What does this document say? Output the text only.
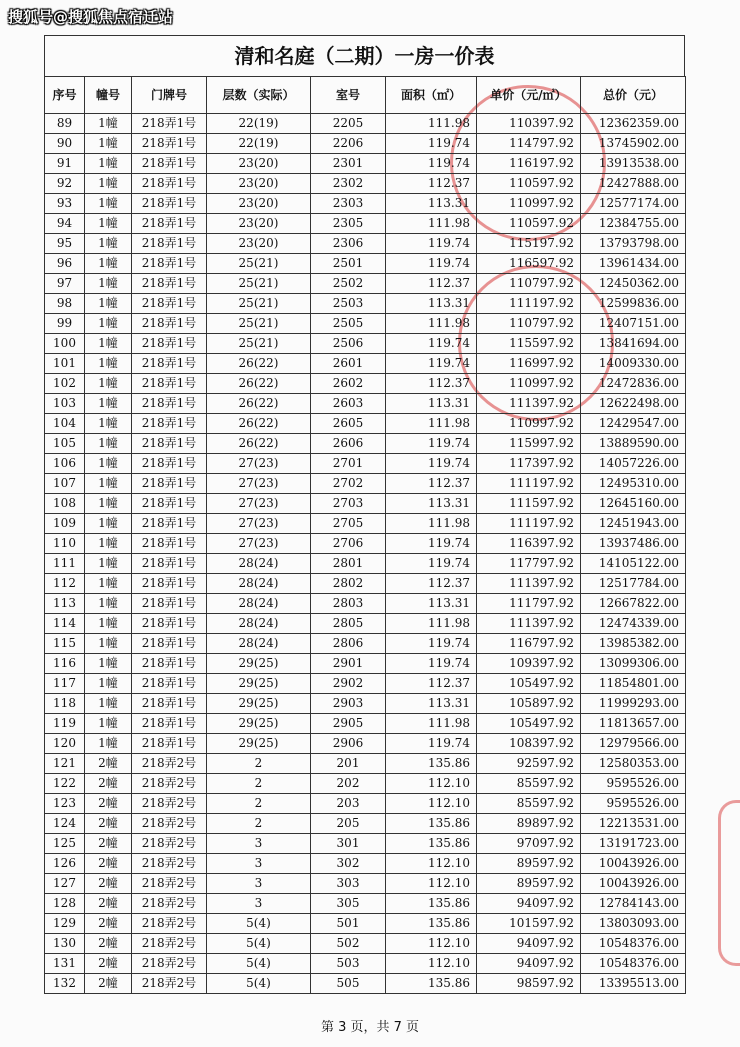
搜狐号@搜狐焦点宿迁站
清和名庭（二期）一房一价表
序号	幢号	门牌号	层数（实际）	室号	面积（㎡）	单价（元/㎡）	总价（元）
89	1幢	218弄1号	22(19)	2205	111.98	110397.92	12362359.00
90	1幢	218弄1号	22(19)	2206	119.74	114797.92	13745902.00
91	1幢	218弄1号	23(20)	2301	119.74	116197.92	13913538.00
92	1幢	218弄1号	23(20)	2302	112.37	110597.92	12427888.00
93	1幢	218弄1号	23(20)	2303	113.31	110997.92	12577174.00
94	1幢	218弄1号	23(20)	2305	111.98	110597.92	12384755.00
95	1幢	218弄1号	23(20)	2306	119.74	115197.92	13793798.00
96	1幢	218弄1号	25(21)	2501	119.74	116597.92	13961434.00
97	1幢	218弄1号	25(21)	2502	112.37	110797.92	12450362.00
98	1幢	218弄1号	25(21)	2503	113.31	111197.92	12599836.00
99	1幢	218弄1号	25(21)	2505	111.98	110797.92	12407151.00
100	1幢	218弄1号	25(21)	2506	119.74	115597.92	13841694.00
101	1幢	218弄1号	26(22)	2601	119.74	116997.92	14009330.00
102	1幢	218弄1号	26(22)	2602	112.37	110997.92	12472836.00
103	1幢	218弄1号	26(22)	2603	113.31	111397.92	12622498.00
104	1幢	218弄1号	26(22)	2605	111.98	110997.92	12429547.00
105	1幢	218弄1号	26(22)	2606	119.74	115997.92	13889590.00
106	1幢	218弄1号	27(23)	2701	119.74	117397.92	14057226.00
107	1幢	218弄1号	27(23)	2702	112.37	111197.92	12495310.00
108	1幢	218弄1号	27(23)	2703	113.31	111597.92	12645160.00
109	1幢	218弄1号	27(23)	2705	111.98	111197.92	12451943.00
110	1幢	218弄1号	27(23)	2706	119.74	116397.92	13937486.00
111	1幢	218弄1号	28(24)	2801	119.74	117797.92	14105122.00
112	1幢	218弄1号	28(24)	2802	112.37	111397.92	12517784.00
113	1幢	218弄1号	28(24)	2803	113.31	111797.92	12667822.00
114	1幢	218弄1号	28(24)	2805	111.98	111397.92	12474339.00
115	1幢	218弄1号	28(24)	2806	119.74	116797.92	13985382.00
116	1幢	218弄1号	29(25)	2901	119.74	109397.92	13099306.00
117	1幢	218弄1号	29(25)	2902	112.37	105497.92	11854801.00
118	1幢	218弄1号	29(25)	2903	113.31	105897.92	11999293.00
119	1幢	218弄1号	29(25)	2905	111.98	105497.92	11813657.00
120	1幢	218弄1号	29(25)	2906	119.74	108397.92	12979566.00
121	2幢	218弄2号	2	201	135.86	92597.92	12580353.00
122	2幢	218弄2号	2	202	112.10	85597.92	9595526.00
123	2幢	218弄2号	2	203	112.10	85597.92	9595526.00
124	2幢	218弄2号	2	205	135.86	89897.92	12213531.00
125	2幢	218弄2号	3	301	135.86	97097.92	13191723.00
126	2幢	218弄2号	3	302	112.10	89597.92	10043926.00
127	2幢	218弄2号	3	303	112.10	89597.92	10043926.00
128	2幢	218弄2号	3	305	135.86	94097.92	12784143.00
129	2幢	218弄2号	5(4)	501	135.86	101597.92	13803093.00
130	2幢	218弄2号	5(4)	502	112.10	94097.92	10548376.00
131	2幢	218弄2号	5(4)	503	112.10	94097.92	10548376.00
132	2幢	218弄2号	5(4)	505	135.86	98597.92	13395513.00
第 3 页，共 7 页
